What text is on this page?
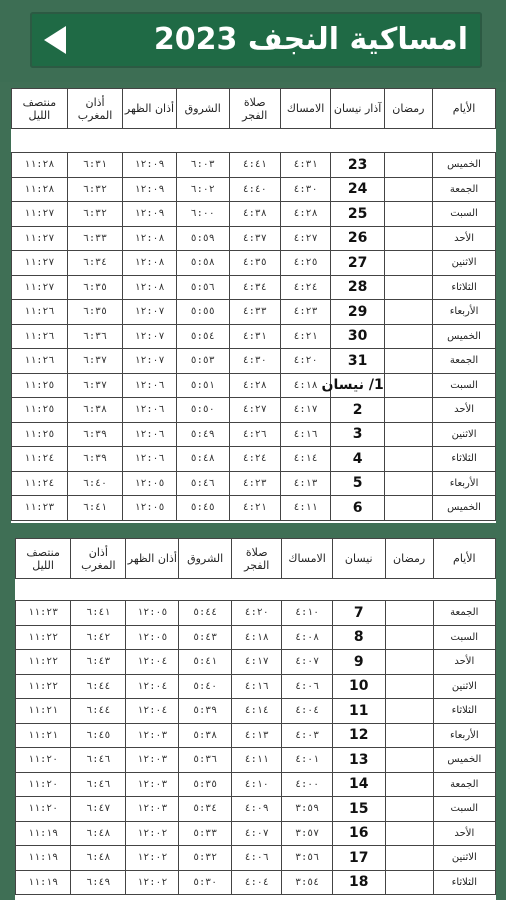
امساكية النجف 2023
الأيام	رمضان	آذار نيسان	الامساك	صلاة الفجر	الشروق	أذان الظهر	أذان المغرب	منتصف الليل

الخميس		23	٤:٣١	٤:٤١	٦:٠٣	١٢:٠٩	٦:٣١	١١:٢٨
الجمعة		24	٤:٣٠	٤:٤٠	٦:٠٢	١٢:٠٩	٦:٣٢	١١:٢٨
السبت		25	٤:٢٨	٤:٣٨	٦:٠٠	١٢:٠٩	٦:٣٢	١١:٢٧
الأحد		26	٤:٢٧	٤:٣٧	٥:٥٩	١٢:٠٨	٦:٣٣	١١:٢٧
الاثنين		27	٤:٢٥	٤:٣٥	٥:٥٨	١٢:٠٨	٦:٣٤	١١:٢٧
الثلاثاء		28	٤:٢٤	٤:٣٤	٥:٥٦	١٢:٠٨	٦:٣٥	١١:٢٧
الأربعاء		29	٤:٢٣	٤:٣٣	٥:٥٥	١٢:٠٧	٦:٣٥	١١:٢٦
الخميس		30	٤:٢١	٤:٣١	٥:٥٤	١٢:٠٧	٦:٣٦	١١:٢٦
الجمعة		31	٤:٢٠	٤:٣٠	٥:٥٣	١٢:٠٧	٦:٣٧	١١:٢٦
السبت		1/ نيسان	٤:١٨	٤:٢٨	٥:٥١	١٢:٠٦	٦:٣٧	١١:٢٥
الأحد		2	٤:١٧	٤:٢٧	٥:٥٠	١٢:٠٦	٦:٣٨	١١:٢٥
الاثنين		3	٤:١٦	٤:٢٦	٥:٤٩	١٢:٠٦	٦:٣٩	١١:٢٥
الثلاثاء		4	٤:١٤	٤:٢٤	٥:٤٨	١٢:٠٦	٦:٣٩	١١:٢٤
الأربعاء		5	٤:١٣	٤:٢٣	٥:٤٦	١٢:٠٥	٦:٤٠	١١:٢٤
الخميس		6	٤:١١	٤:٢١	٥:٤٥	١٢:٠٥	٦:٤١	١١:٢٣
الأيام	رمضان	نيسان	الامساك	صلاة الفجر	الشروق	أذان الظهر	أذان المغرب	منتصف الليل

الجمعة		7	٤:١٠	٤:٢٠	٥:٤٤	١٢:٠٥	٦:٤١	١١:٢٣
السبت		8	٤:٠٨	٤:١٨	٥:٤٣	١٢:٠٥	٦:٤٢	١١:٢٢
الأحد		9	٤:٠٧	٤:١٧	٥:٤١	١٢:٠٤	٦:٤٣	١١:٢٢
الاثنين		10	٤:٠٦	٤:١٦	٥:٤٠	١٢:٠٤	٦:٤٤	١١:٢٢
الثلاثاء		11	٤:٠٤	٤:١٤	٥:٣٩	١٢:٠٤	٦:٤٤	١١:٢١
الأربعاء		12	٤:٠٣	٤:١٣	٥:٣٨	١٢:٠٣	٦:٤٥	١١:٢١
الخميس		13	٤:٠١	٤:١١	٥:٣٦	١٢:٠٣	٦:٤٦	١١:٢٠
الجمعة		14	٤:٠٠	٤:١٠	٥:٣٥	١٢:٠٣	٦:٤٦	١١:٢٠
السبت		15	٣:٥٩	٤:٠٩	٥:٣٤	١٢:٠٣	٦:٤٧	١١:٢٠
الأحد		16	٣:٥٧	٤:٠٧	٥:٣٣	١٢:٠٢	٦:٤٨	١١:١٩
الاثنين		17	٣:٥٦	٤:٠٦	٥:٣٢	١٢:٠٢	٦:٤٨	١١:١٩
الثلاثاء		18	٣:٥٤	٤:٠٤	٥:٣٠	١٢:٠٢	٦:٤٩	١١:١٩
